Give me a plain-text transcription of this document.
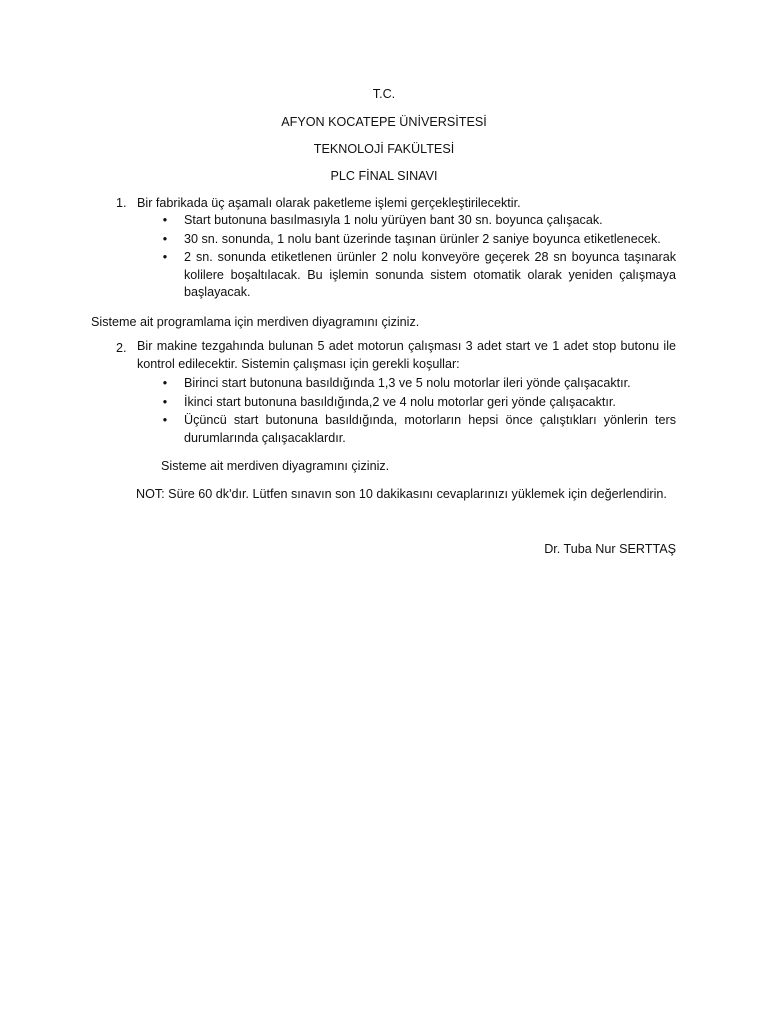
T.C.
AFYON KOCATEPE ÜNİVERSİTESİ
TEKNOLOJİ FAKÜLTESİ
PLC FİNAL SINAVI
1. Bir fabrikada üç aşamalı olarak paketleme işlemi gerçekleştirilecektir.
• Start butonuna basılmasıyla 1 nolu yürüyen bant 30 sn. boyunca çalışacak.
• 30 sn. sonunda, 1 nolu bant üzerinde taşınan ürünler 2 saniye boyunca etiketlenecek.
• 2 sn. sonunda etiketlenen ürünler 2 nolu konveyöre geçerek 28 sn boyunca taşınarak kolilere boşaltılacak. Bu işlemin sonunda sistem otomatik olarak yeniden çalışmaya başlayacak.
Sisteme ait programlama için merdiven diyagramını çiziniz.
2. Bir makine tezgahında bulunan 5 adet motorun çalışması 3 adet start ve 1 adet stop butonu ile kontrol edilecektir. Sistemin çalışması için gerekli koşullar:
• Birinci start butonuna basıldığında 1,3 ve 5 nolu motorlar ileri yönde çalışacaktır.
• İkinci start butonuna basıldığında,2 ve 4 nolu motorlar geri yönde çalışacaktır.
• Üçüncü start butonuna basıldığında, motorların hepsi önce çalıştıkları yönlerin ters durumlarında çalışacaklardır.
Sisteme ait merdiven diyagramını çiziniz.
NOT: Süre 60 dk'dır. Lütfen sınavın son 10 dakikasını cevaplarınızı yüklemek için değerlendirin.
Dr. Tuba Nur SERTTAŞ
